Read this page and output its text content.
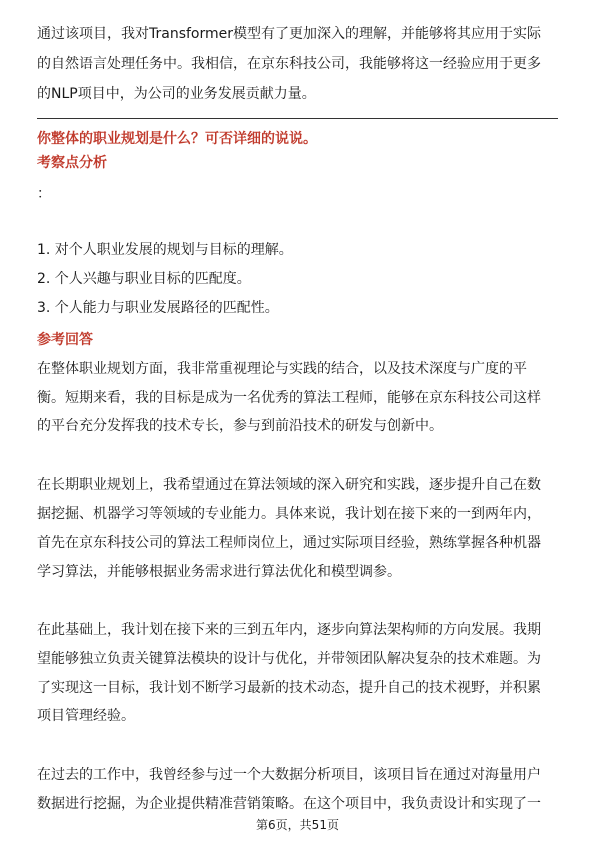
通过该项目，我对Transformer模型有了更加深入的理解，并能够将其应用于实际

的自然语言处理任务中。我相信，在京东科技公司，我能够将这一经验应用于更多

的NLP项目中，为公司的业务发展贡献力量。

你整体的职业规划是什么？可否详细的说说。

考察点分析

：

1. 对个人职业发展的规划与目标的理解。

2. 个人兴趣与职业目标的匹配度。

3. 个人能力与职业发展路径的匹配性。

参考回答

在整体职业规划方面，我非常重视理论与实践的结合，以及技术深度与广度的平

衡。短期来看，我的目标是成为一名优秀的算法工程师，能够在京东科技公司这样

的平台充分发挥我的技术专长，参与到前沿技术的研发与创新中。

在长期职业规划上，我希望通过在算法领域的深入研究和实践，逐步提升自己在数

据挖掘、机器学习等领域的专业能力。具体来说，我计划在接下来的一到两年内，

首先在京东科技公司的算法工程师岗位上，通过实际项目经验，熟练掌握各种机器

学习算法，并能够根据业务需求进行算法优化和模型调参。

在此基础上，我计划在接下来的三到五年内，逐步向算法架构师的方向发展。我期

望能够独立负责关键算法模块的设计与优化，并带领团队解决复杂的技术难题。为

了实现这一目标，我计划不断学习最新的技术动态，提升自己的技术视野，并积累

项目管理经验。

在过去的工作中，我曾经参与过一个大数据分析项目，该项目旨在通过对海量用户

数据进行挖掘，为企业提供精准营销策略。在这个项目中，我负责设计和实现了一

第6页，共51页
